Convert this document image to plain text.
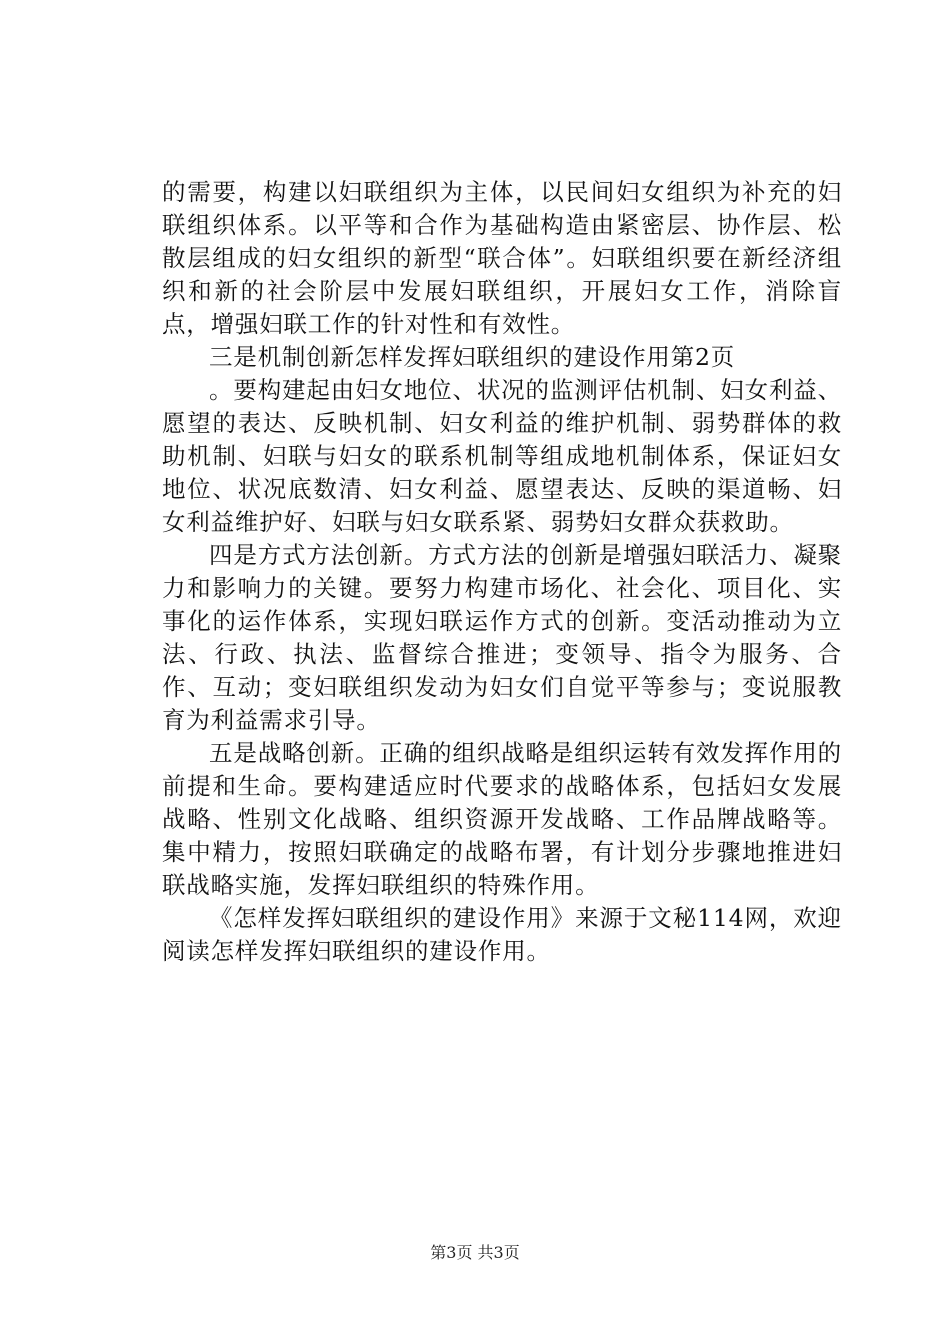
的需要，构建以妇联组织为主体，以民间妇女组织为补充的妇联组织体系。以平等和合作为基础构造由紧密层、协作层、松散层组成的妇女组织的新型“联合体”。妇联组织要在新经济组织和新的社会阶层中发展妇联组织，开展妇女工作，消除盲点，增强妇联工作的针对性和有效性。

三是机制创新怎样发挥妇联组织的建设作用第2页

。要构建起由妇女地位、状况的监测评估机制、妇女利益、愿望的表达、反映机制、妇女利益的维护机制、弱势群体的救助机制、妇联与妇女的联系机制等组成地机制体系，保证妇女地位、状况底数清、妇女利益、愿望表达、反映的渠道畅、妇女利益维护好、妇联与妇女联系紧、弱势妇女群众获救助。

四是方式方法创新。方式方法的创新是增强妇联活力、凝聚力和影响力的关键。要努力构建市场化、社会化、项目化、实事化的运作体系，实现妇联运作方式的创新。变活动推动为立法、行政、执法、监督综合推进；变领导、指令为服务、合作、互动；变妇联组织发动为妇女们自觉平等参与；变说服教育为利益需求引导。

五是战略创新。正确的组织战略是组织运转有效发挥作用的前提和生命。要构建适应时代要求的战略体系，包括妇女发展战略、性别文化战略、组织资源开发战略、工作品牌战略等。集中精力，按照妇联确定的战略布署，有计划分步骤地推进妇联战略实施，发挥妇联组织的特殊作用。

《怎样发挥妇联组织的建设作用》来源于文秘114网，欢迎阅读怎样发挥妇联组织的建设作用。

第3页 共3页
